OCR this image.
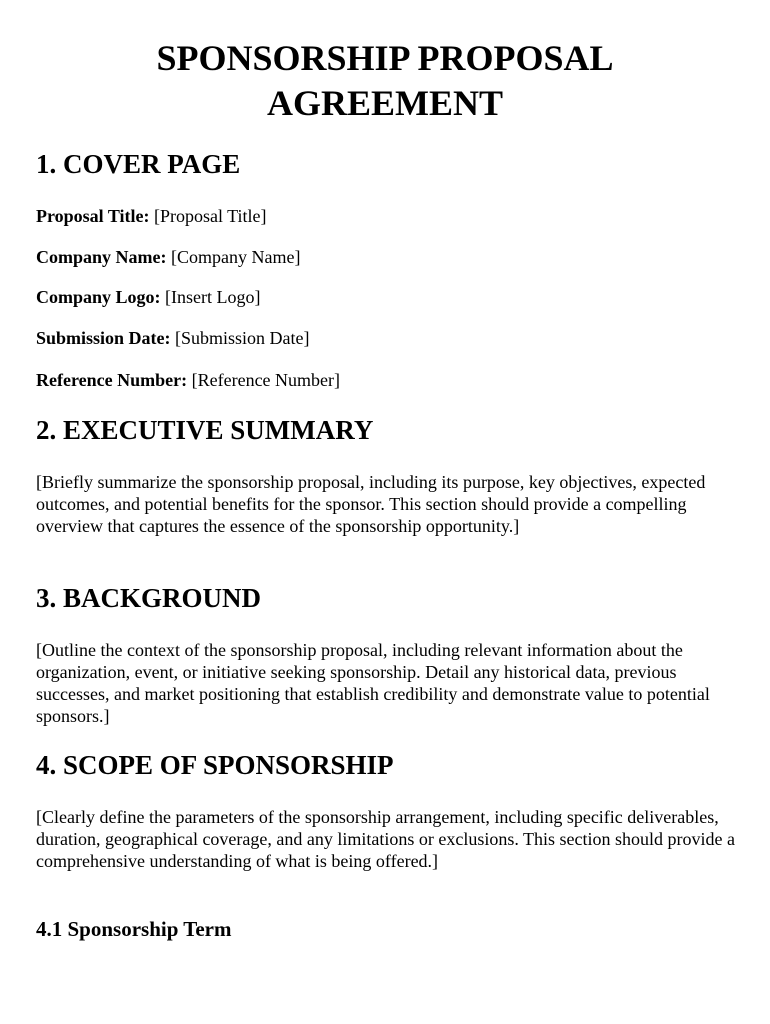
SPONSORSHIP PROPOSAL
AGREEMENT
1. COVER PAGE

Proposal Title: [Proposal Title]

Company Name: [Company Name]

Company Logo: [Insert Logo]

Submission Date: [Submission Date]

Reference Number: [Reference Number]

2. EXECUTIVE SUMMARY

[Briefly summarize the sponsorship proposal, including its purpose, key objectives, expected outcomes, and potential benefits for the sponsor. This section should provide a compelling overview that captures the essence of the sponsorship opportunity.]

3. BACKGROUND

[Outline the context of the sponsorship proposal, including relevant information about the organization, event, or initiative seeking sponsorship. Detail any historical data, previous successes, and market positioning that establish credibility and demonstrate value to potential sponsors.]

4. SCOPE OF SPONSORSHIP

[Clearly define the parameters of the sponsorship arrangement, including specific deliverables, duration, geographical coverage, and any limitations or exclusions. This section should provide a comprehensive understanding of what is being offered.]

4.1 Sponsorship Term
